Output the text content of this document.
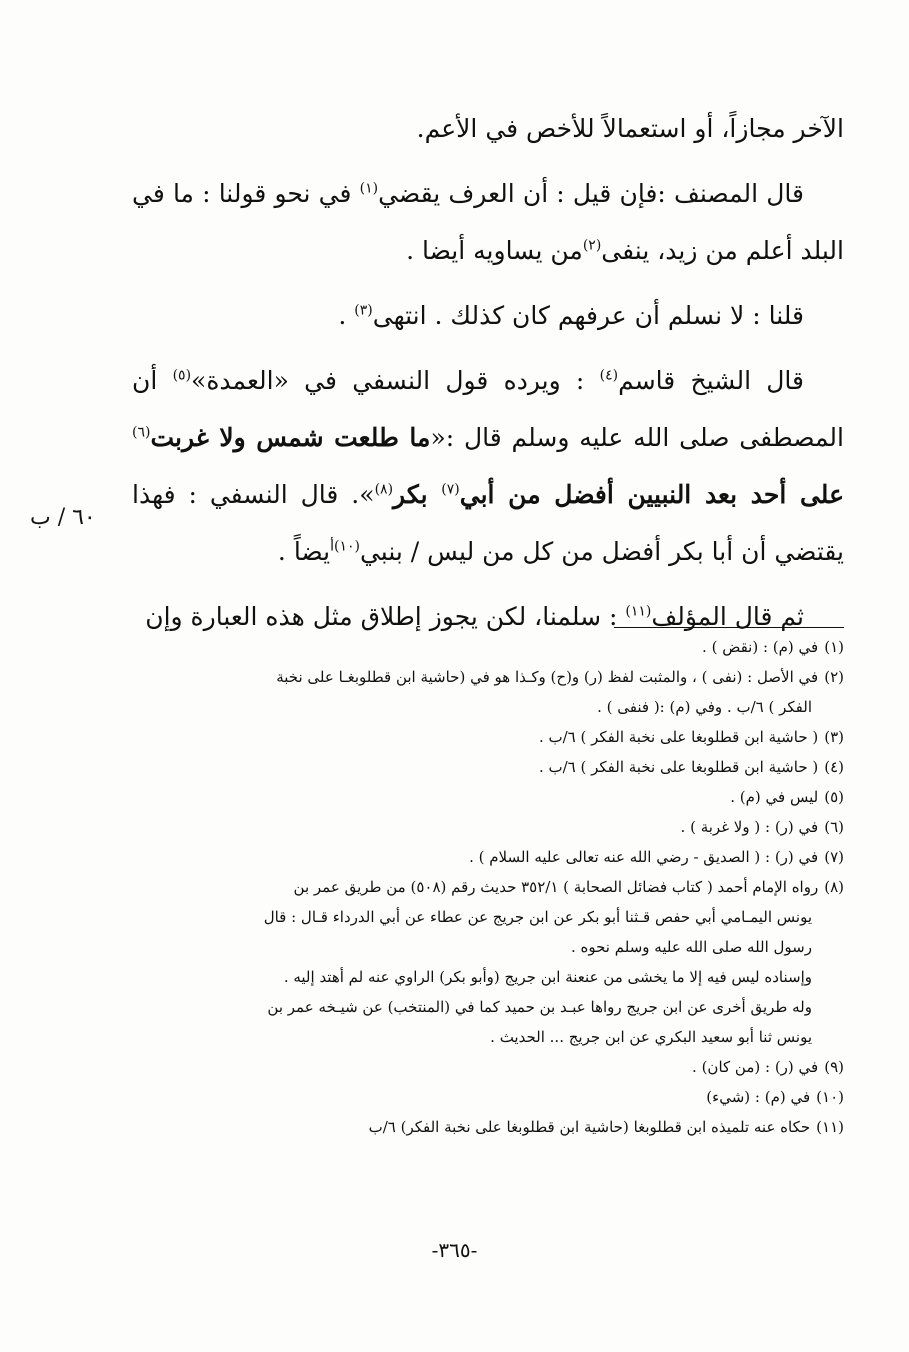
الآخر مجازاً، أو استعمالاً للأخص في الأعم.

قال المصنف :فإن قيل : أن العرف يقضي$^{(١)}$ في نحو قولنا : ما في البلد أعلم من زيد، ينفى$^{(٢)}$من يساويه أيضا .

قلنا : لا نسلم أن عرفهم كان كذلك . انتهى$^{(٣)}$ .

قال الشيخ قاسم$^{(٤)}$ : ويرده قول النسفي في «العمدة»$^{(٥)}$ أن المصطفى صلى الله عليه وسلم قال :«ما طلعت شمس ولا غربت$^{(٦)}$ على أحد بعد النبيين أفضل من أبي$^{(٧)}$ بكر$^{(٨)}$». قال النسفي : فهذا يقتضي أن أبا بكر أفضل من كل من ليس / بنبي$^{(١٠)أ}$يضاً .

ثم قال المؤلف$^{(١١)}$ : سلمنا، لكن يجوز إطلاق مثل هذه العبارة وإن

٦٠ / ب
(١)في (م) : (نقض ) .
(٢)في الأصل : (نفى ) ، والمثبت لفظ (ر) و(ح) وكـذا هو في (حاشية ابن قطلوبغـا على نخبة
الفكر ) ٦/ب . وفي (م) :( فنفى ) .
(٣)( حاشية ابن قطلوبغا على نخبة الفكر ) ٦/ب .
(٤)( حاشية ابن قطلوبغا على نخبة الفكر ) ٦/ب .
(٥)ليس في (م) .
(٦)في (ر) : ( ولا غربة ) .
(٧)في (ر) : ( الصديق - رضي الله عنه تعالى عليه السلام ) .
(٨)رواه الإمام أحمد ( كتاب فضائل الصحابة ) ٣٥٢/١ حديث رقم (٥٠٨) من طريق عمر بن
يونس اليمـامي أبي حفص قـثنا أبو بكر عن ابن جريج عن عطاء عن أبي الدرداء قـال : قال
رسول الله صلى الله عليه وسلم نحوه .
وإسناده ليس فيه إلا ما يخشى من عنعنة ابن جريج (وأبو بكر) الراوي عنه لم أهتد إليه .
وله طريق أخرى عن ابن جريج رواها عبـد بن حميد كما في (المنتخب) عن شيـخه عمر بن
يونس ثنا أبو سعيد البكري عن ابن جريج ... الحديث .
(٩)في (ر) : (من كان) .
(١٠)في (م) : (شيء)
(١١)حكاه عنه تلميذه ابن قطلوبغا (حاشية ابن قطلوبغا على نخبة الفكر) ٦/ب
-٣٦٥-
